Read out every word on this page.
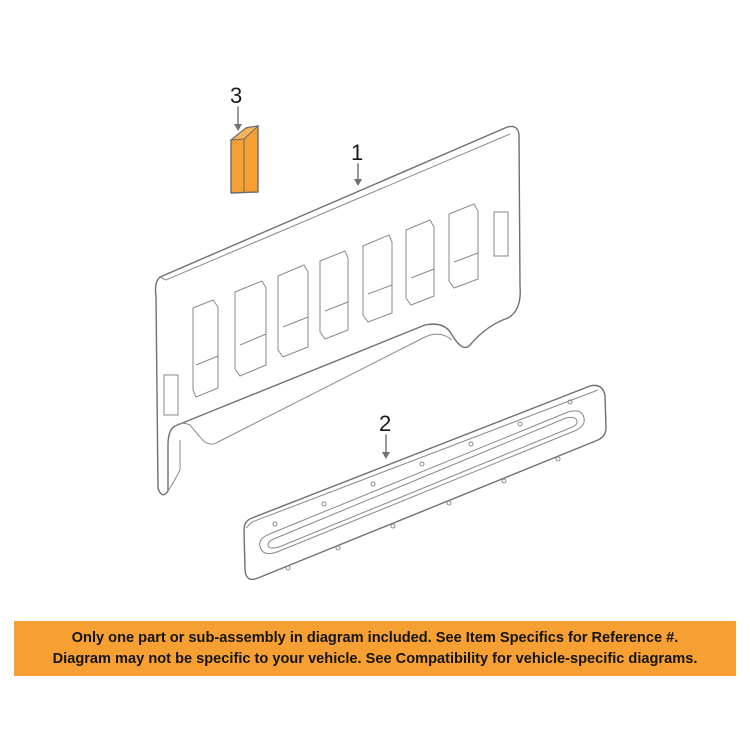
3
1
2
Only one part or sub-assembly in diagram included. See Item Specifics for Reference #.
Diagram may not be specific to your vehicle. See Compatibility for vehicle-specific diagrams.
